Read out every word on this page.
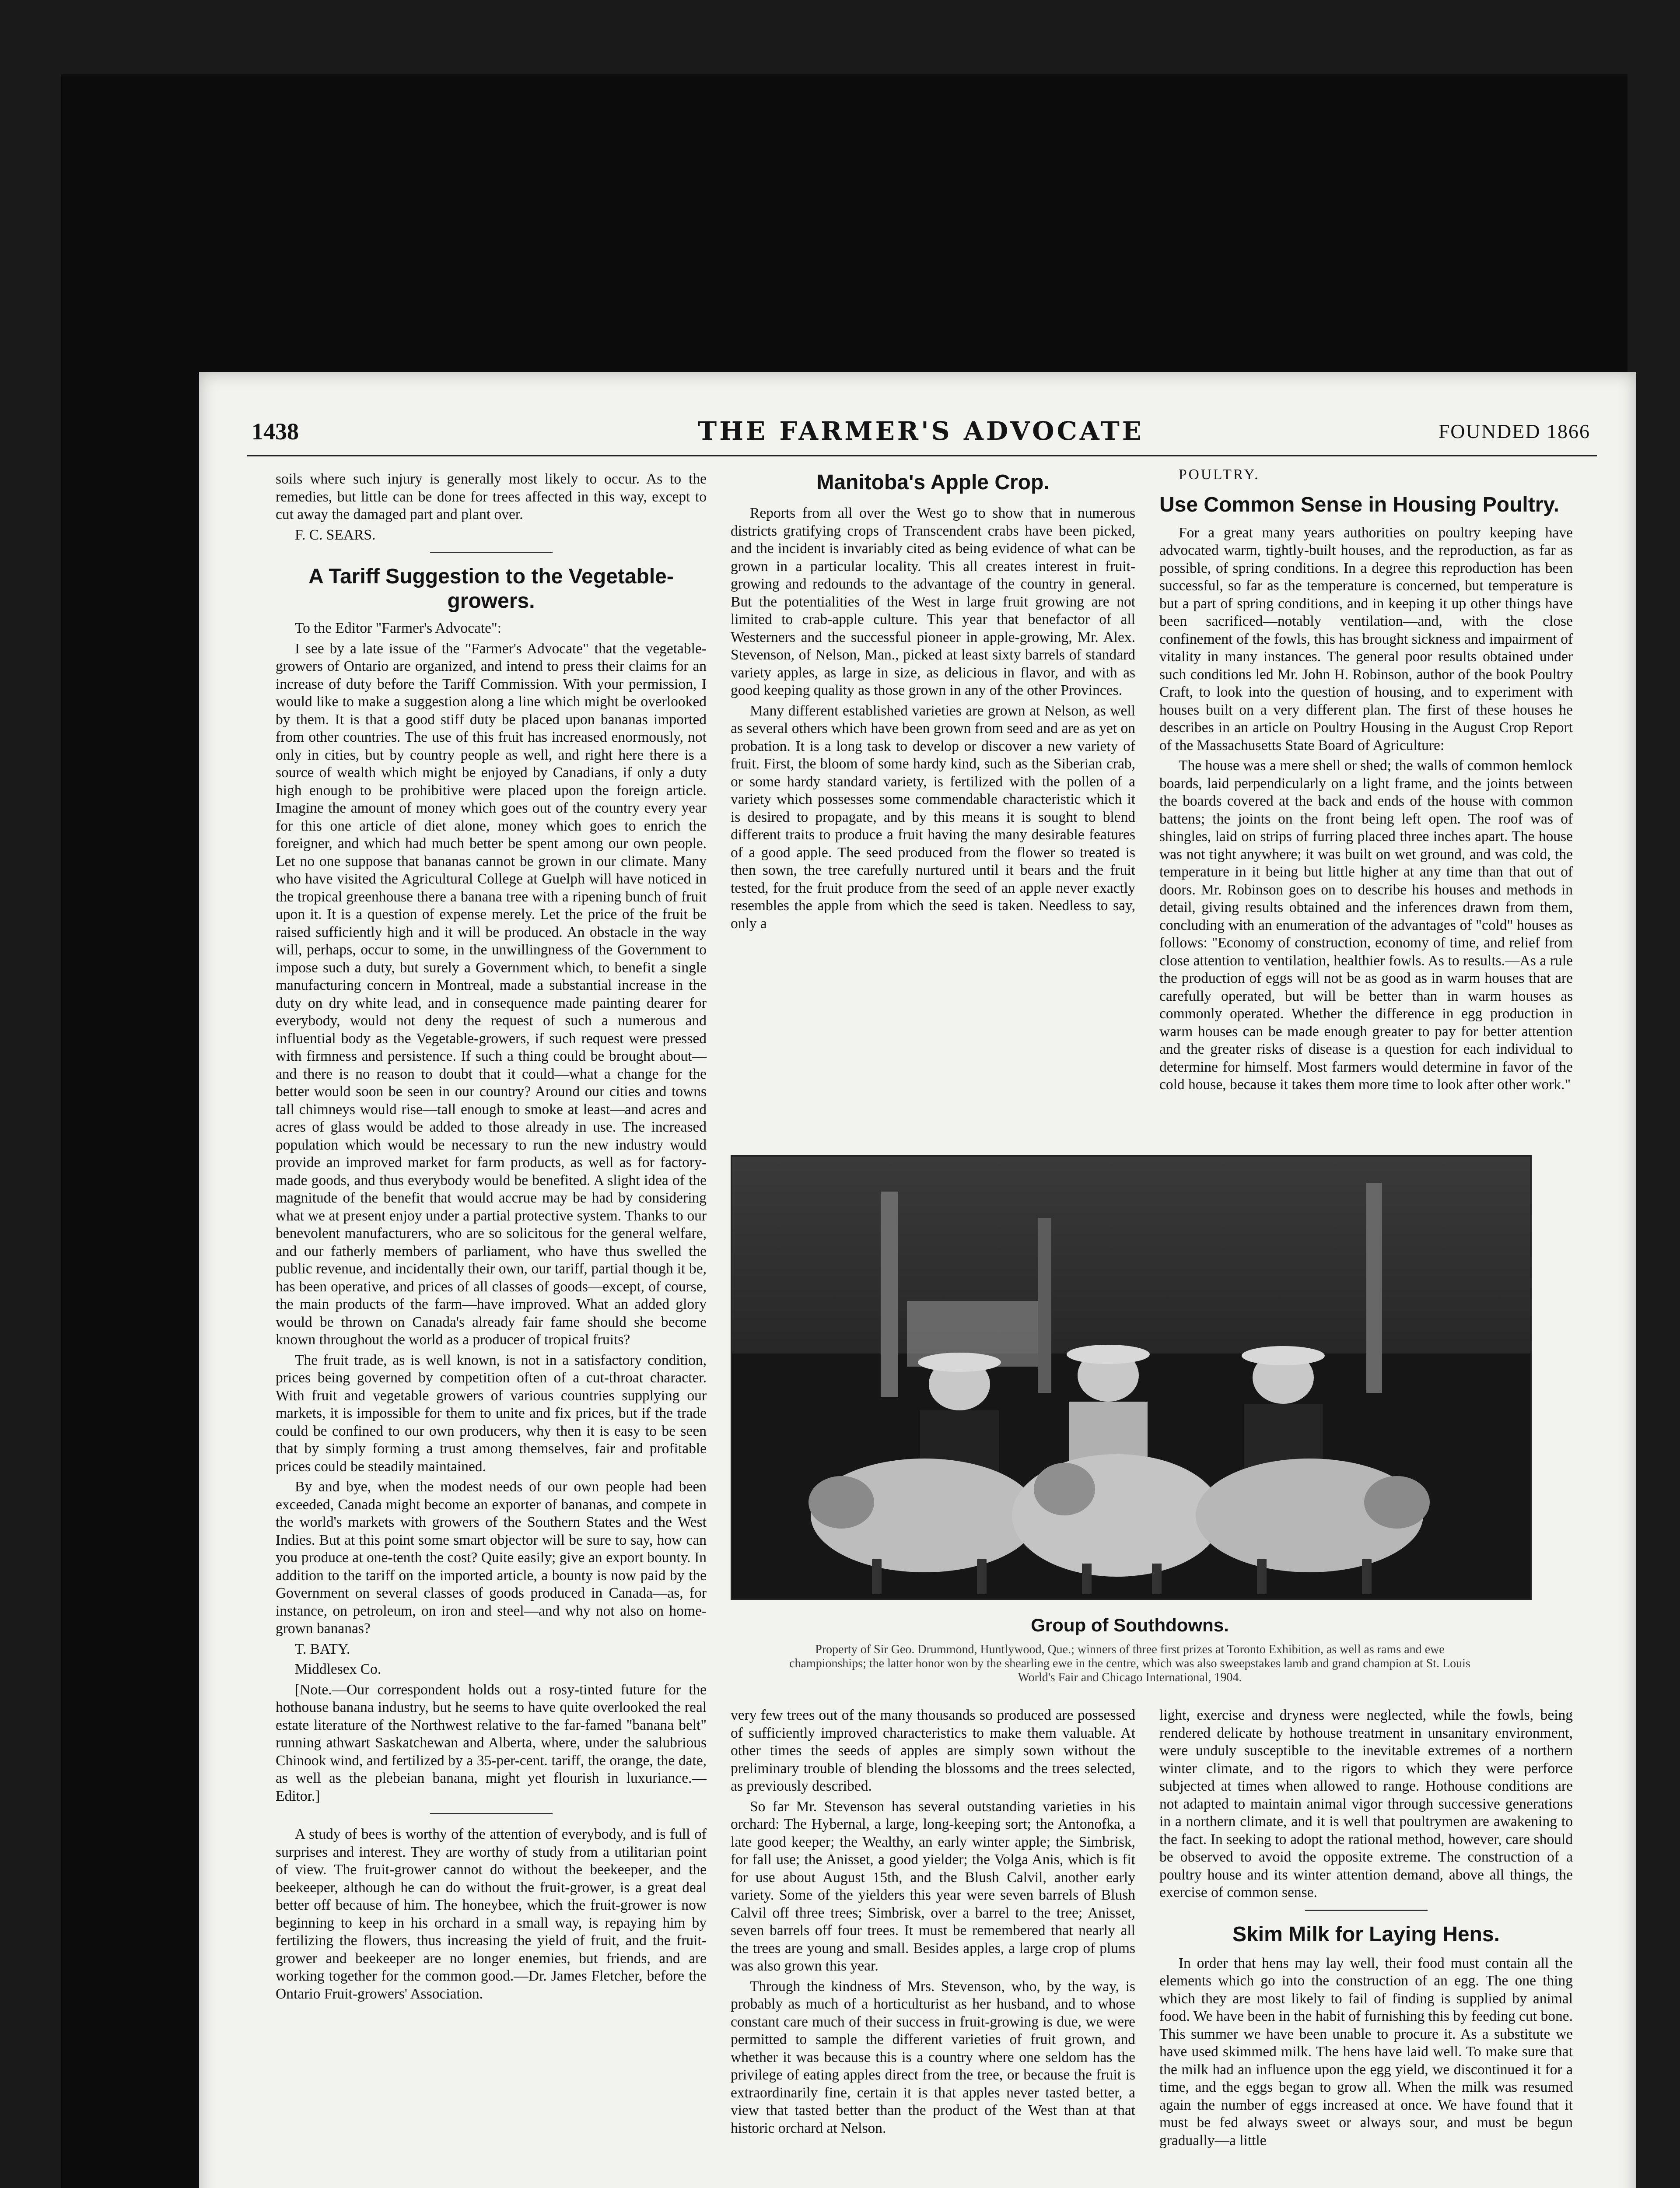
1438	THE FARMER'S ADVOCATE	FOUNDED 1866

soils where such injury is generally most likely to occur. As to the remedies, but little can be done for trees affected in this way, except to cut away the damaged part and plant over.

F. C. SEARS.

A Tariff Suggestion to the Vegetable-growers.

To the Editor "Farmer's Advocate":

I see by a late issue of the "Farmer's Advocate" that the vegetable-growers of Ontario are organized, and intend to press their claims for an increase of duty before the Tariff Commission. With your permission, I would like to make a suggestion along a line which might be overlooked by them. It is that a good stiff duty be placed upon bananas imported from other countries. The use of this fruit has increased enormously, not only in cities, but by country people as well, and right here there is a source of wealth which might be enjoyed by Canadians, if only a duty high enough to be prohibitive were placed upon the foreign article. Imagine the amount of money which goes out of the country every year for this one article of diet alone, money which goes to enrich the foreigner, and which had much better be spent among our own people. Let no one suppose that bananas cannot be grown in our climate. Many who have visited the Agricultural College at Guelph will have noticed in the tropical greenhouse there a banana tree with a ripening bunch of fruit upon it. It is a question of expense merely. Let the price of the fruit be raised sufficiently high and it will be produced. An obstacle in the way will, perhaps, occur to some, in the unwillingness of the Government to impose such a duty, but surely a Government which, to benefit a single manufacturing concern in Montreal, made a substantial increase in the duty on dry white lead, and in consequence made painting dearer for everybody, would not deny the request of such a numerous and influential body as the Vegetable-growers, if such request were pressed with firmness and persistence. If such a thing could be brought about—and there is no reason to doubt that it could—what a change for the better would soon be seen in our country? Around our cities and towns tall chimneys would rise—tall enough to smoke at least—and acres and acres of glass would be added to those already in use. The increased population which would be necessary to run the new industry would provide an improved market for farm products, as well as for factory-made goods, and thus everybody would be benefited. A slight idea of the magnitude of the benefit that would accrue may be had by considering what we at present enjoy under a partial protective system. Thanks to our benevolent manufacturers, who are so solicitous for the general welfare, and our fatherly members of parliament, who have thus swelled the public revenue, and incidentally their own, our tariff, partial though it be, has been operative, and prices of all classes of goods—except, of course, the main products of the farm—have improved. What an added glory would be thrown on Canada's already fair fame should she become known throughout the world as a producer of tropical fruits?

The fruit trade, as is well known, is not in a satisfactory condition, prices being governed by competition often of a cut-throat character. With fruit and vegetable growers of various countries supplying our markets, it is impossible for them to unite and fix prices, but if the trade could be confined to our own producers, why then it is easy to be seen that by simply forming a trust among themselves, fair and profitable prices could be steadily maintained.

By and bye, when the modest needs of our own people had been exceeded, Canada might become an exporter of bananas, and compete in the world's markets with growers of the Southern States and the West Indies. But at this point some smart objector will be sure to say, how can you produce at one-tenth the cost? Quite easily; give an export bounty. In addition to the tariff on the imported article, a bounty is now paid by the Government on several classes of goods produced in Canada—as, for instance, on petroleum, on iron and steel—and why not also on home-grown bananas?

T. BATY.

Middlesex Co.

[Note.—Our correspondent holds out a rosy-tinted future for the hothouse banana industry, but he seems to have quite overlooked the real estate literature of the Northwest relative to the far-famed "banana belt" running athwart Saskatchewan and Alberta, where, under the salubrious Chinook wind, and fertilized by a 35-per-cent. tariff, the orange, the date, as well as the plebeian banana, might yet flourish in luxuriance.—Editor.]

A study of bees is worthy of the attention of everybody, and is full of surprises and interest. They are worthy of study from a utilitarian point of view. The fruit-grower cannot do without the beekeeper, and the beekeeper, although he can do without the fruit-grower, is a great deal better off because of him. The honeybee, which the fruit-grower is now beginning to keep in his orchard in a small way, is repaying him by fertilizing the flowers, thus increasing the yield of fruit, and the fruit-grower and beekeeper are no longer enemies, but friends, and are working together for the common good.—Dr. James Fletcher, before the Ontario Fruit-growers' Association.

Manitoba's Apple Crop.

Reports from all over the West go to show that in numerous districts gratifying crops of Transcendent crabs have been picked, and the incident is invariably cited as being evidence of what can be grown in a particular locality. This all creates interest in fruit-growing and redounds to the advantage of the country in general. But the potentialities of the West in large fruit growing are not limited to crab-apple culture. This year that benefactor of all Westerners and the successful pioneer in apple-growing, Mr. Alex. Stevenson, of Nelson, Man., picked at least sixty barrels of standard variety apples, as large in size, as delicious in flavor, and with as good keeping quality as those grown in any of the other Provinces.

Many different established varieties are grown at Nelson, as well as several others which have been grown from seed and are as yet on probation. It is a long task to develop or discover a new variety of fruit. First, the bloom of some hardy kind, such as the Siberian crab, or some hardy standard variety, is fertilized with the pollen of a variety which possesses some commendable characteristic which it is desired to propagate, and by this means it is sought to blend different traits to produce a fruit having the many desirable features of a good apple. The seed produced from the flower so treated is then sown, the tree carefully nurtured until it bears and the fruit tested, for the fruit produce from the seed of an apple never exactly resembles the apple from which the seed is taken. Needless to say, only a

Group of Southdowns.

Property of Sir Geo. Drummond, Huntlywood, Que.; winners of three first prizes at Toronto Exhibition, as well as rams and ewe championships; the latter honor won by the shearling ewe in the centre, which was also sweepstakes lamb and grand champion at St. Louis World's Fair and Chicago International, 1904.

very few trees out of the many thousands so produced are possessed of sufficiently improved characteristics to make them valuable. At other times the seeds of apples are simply sown without the preliminary trouble of blending the blossoms and the trees selected, as previously described.

So far Mr. Stevenson has several outstanding varieties in his orchard: The Hybernal, a large, long-keeping sort; the Antonofka, a late good keeper; the Wealthy, an early winter apple; the Simbrisk, for fall use; the Anisset, a good yielder; the Volga Anis, which is fit for use about August 15th, and the Blush Calvil, another early variety. Some of the yielders this year were seven barrels of Blush Calvil off three trees; Simbrisk, over a barrel to the tree; Anisset, seven barrels off four trees. It must be remembered that nearly all the trees are young and small. Besides apples, a large crop of plums was also grown this year.

Through the kindness of Mrs. Stevenson, who, by the way, is probably as much of a horticulturist as her husband, and to whose constant care much of their success in fruit-growing is due, we were permitted to sample the different varieties of fruit grown, and whether it was because this is a country where one seldom has the privilege of eating apples direct from the tree, or because the fruit is extraordinarily fine, certain it is that apples never tasted better, a view that tasted better than the product of the West than at that historic orchard at Nelson.

POULTRY.

Use Common Sense in Housing Poultry.

For a great many years authorities on poultry keeping have advocated warm, tightly-built houses, and the reproduction, as far as possible, of spring conditions. In a degree this reproduction has been successful, so far as the temperature is concerned, but temperature is but a part of spring conditions, and in keeping it up other things have been sacrificed—notably ventilation—and, with the close confinement of the fowls, this has brought sickness and impairment of vitality in many instances. The general poor results obtained under such conditions led Mr. John H. Robinson, author of the book Poultry Craft, to look into the question of housing, and to experiment with houses built on a very different plan. The first of these houses he describes in an article on Poultry Housing in the August Crop Report of the Massachusetts State Board of Agriculture:

The house was a mere shell or shed; the walls of common hemlock boards, laid perpendicularly on a light frame, and the joints between the boards covered at the back and ends of the house with common battens; the joints on the front being left open. The roof was of shingles, laid on strips of furring placed three inches apart. The house was not tight anywhere; it was built on wet ground, and was cold, the temperature in it being but little higher at any time than that out of doors. Mr. Robinson goes on to describe his houses and methods in detail, giving results obtained and the inferences drawn from them, concluding with an enumeration of the advantages of "cold" houses as follows: "Economy of construction, economy of time, and relief from close attention to ventilation, healthier fowls. As to results.—As a rule the production of eggs will not be as good as in warm houses that are carefully operated, but will be better than in warm houses as commonly operated. Whether the difference in egg production in warm houses can be made enough greater to pay for better attention and the greater risks of disease is a question for each individual to determine for himself. Most farmers would determine in favor of the cold house, because it takes them more time to look after other work."

light, exercise and dryness were neglected, while the fowls, being rendered delicate by hothouse treatment in unsanitary environment, were unduly susceptible to the inevitable extremes of a northern winter climate, and to the rigors to which they were perforce subjected at times when allowed to range. Hothouse conditions are not adapted to maintain animal vigor through successive generations in a northern climate, and it is well that poultrymen are awakening to the fact. In seeking to adopt the rational method, however, care should be observed to avoid the opposite extreme. The construction of a poultry house and its winter attention demand, above all things, the exercise of common sense.

Skim Milk for Laying Hens.

In order that hens may lay well, their food must contain all the elements which go into the construction of an egg. The one thing which they are most likely to fail of finding is supplied by animal food. We have been in the habit of furnishing this by feeding cut bone. This summer we have been unable to procure it. As a substitute we have used skimmed milk. The hens have laid well. To make sure that the milk had an influence upon the egg yield, we discontinued it for a time, and the eggs began to grow all. When the milk was resumed again the number of eggs increased at once. We have found that it must be fed always sweet or always sour, and must be begun gradually—a little
